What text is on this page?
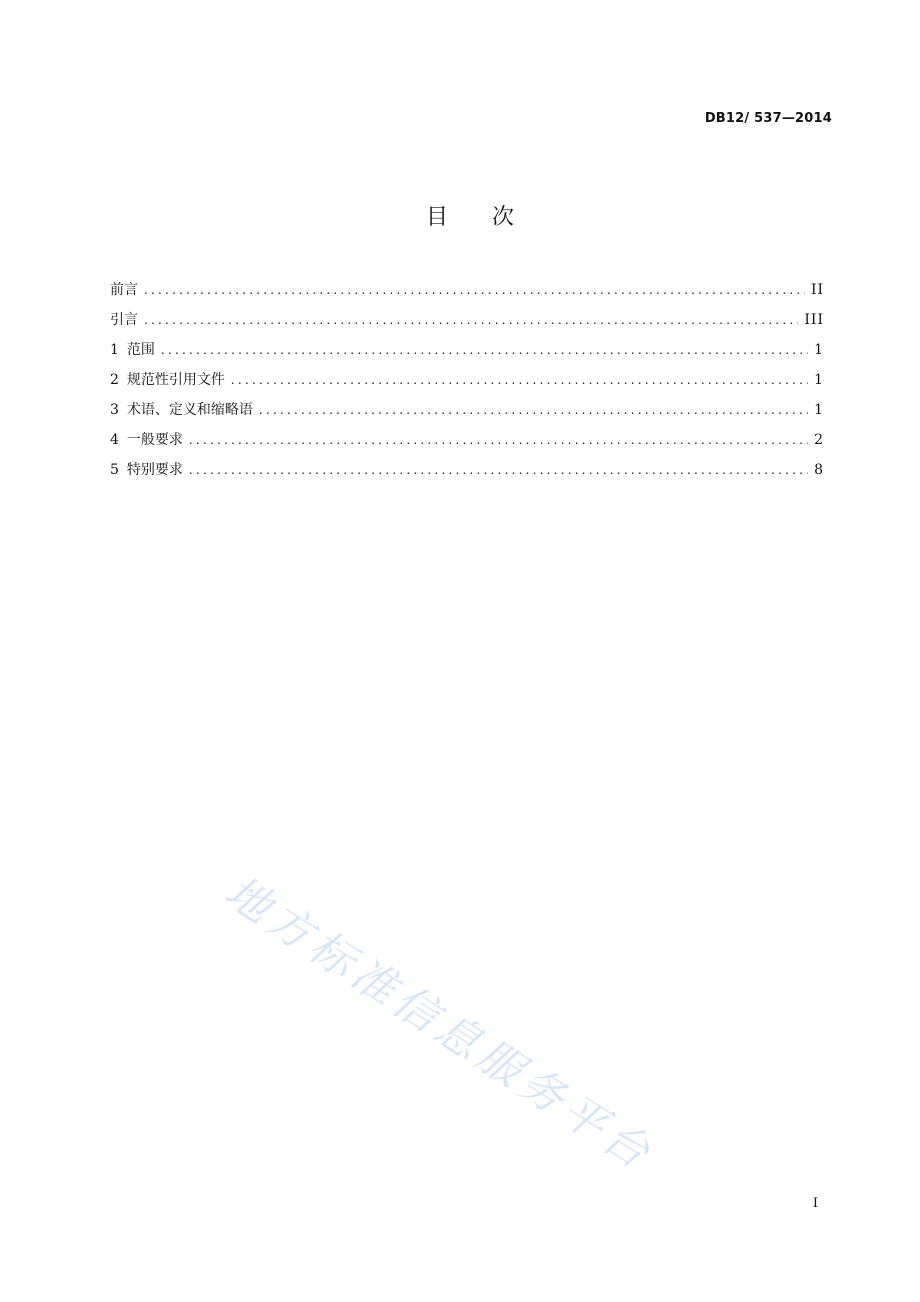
DB12/ 537—2014
目 次
前言 .....	II
引言 .....	III
1 范围 .....	1
2 规范性引用文件 .....	1
3 术语、定义和缩略语 .....	1
4 一般要求 .....	2
5 特别要求 .....	8
地方标准信息服务平台
I
